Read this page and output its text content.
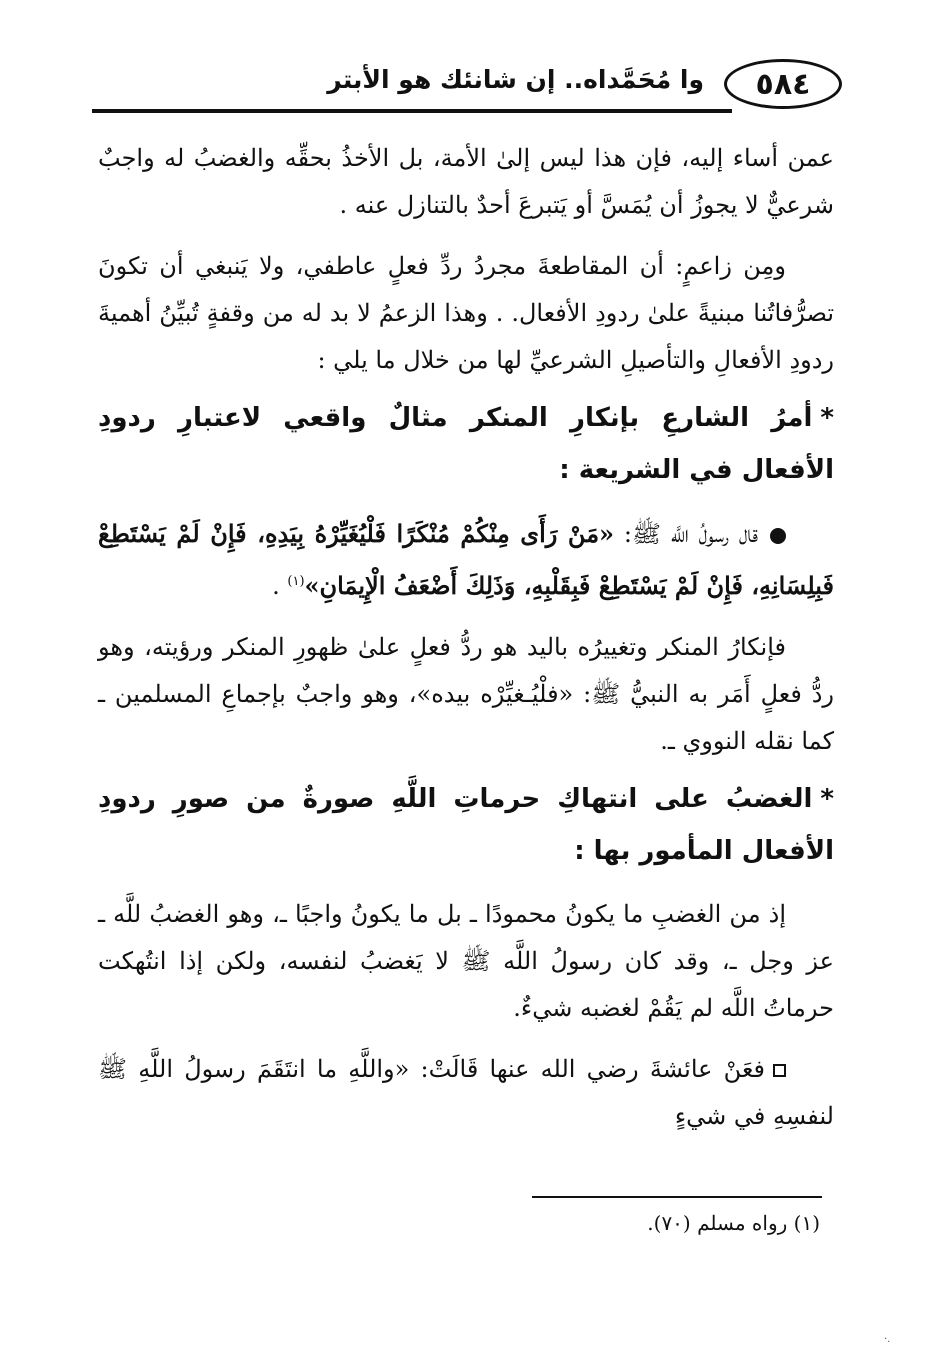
٥٨٤
وا مُحَمَّداه.. إن شانئك هو الأبتر

عمن أساء إليه، فإن هذا ليس إلىٰ الأمة، بل الأخذُ بحقِّه والغضبُ له واجبٌ شرعيٌّ لا يجوزُ أن يُمَسَّ أو يَتبرعَ أحدٌ بالتنازل عنه .

ومِن زاعمٍ: أن المقاطعةَ مجردُ ردِّ فعلٍ عاطفي، ولا يَنبغي أن تكونَ تصرُّفاتُنا مبنيةً علىٰ ردودِ الأفعال. . وهذا الزعمُ لا بد له من وقفةٍ تُبيِّنُ أهميةَ ردودِ الأفعالِ والتأصيلِ الشرعيِّ لها من خلال ما يلي :

*أمرُ الشارعِ بإنكارِ المنكر مثالٌ واقعي لاعتبارِ ردودِ الأفعال في الشريعة :

قال رسولُ اللَّه ﷺ: «مَنْ رَأَى مِنْكُمْ مُنْكَرًا فَلْيُغَيِّرْهُ بِيَدِهِ، فَإِنْ لَمْ يَسْتَطِعْ فَبِلِسَانِهِ، فَإِنْ لَمْ يَسْتَطِعْ فَبِقَلْبِهِ، وَذَلِكَ أَضْعَفُ الْإِيمَانِ»$^{(١)}$ .

فإنكارُ المنكر وتغييرُه باليد هو ردُّ فعلٍ علىٰ ظهورِ المنكر ورؤيته، وهو ردُّ فعلٍ أَمَر به النبيُّ ﷺ: «فلْيُـغيِّرْه بيده»، وهو واجبٌ بإجماعِ المسلمين ـ كما نقله النووي ـ.

*الغضبُ على انتهاكِ حرماتِ اللَّهِ صورةٌ من صورِ ردودِ الأفعال المأمور بها :

إذ من الغضبِ ما يكونُ محمودًا ـ بل ما يكونُ واجبًا ـ، وهو الغضبُ للَّه ـ عز وجل ـ، وقد كان رسولُ اللَّه ﷺ لا يَغضبُ لنفسه، ولكن إذا انتُهكت حرماتُ اللَّه لم يَقُمْ لغضبه شيءٌ.

فعَنْ عائشةَ رضي الله عنها قَالَتْ: «واللَّهِ ما انتَقَمَ رسولُ اللَّهِ ﷺ لنفسِهِ في شيءٍ

(١) رواه مسلم (٧٠).
.·
